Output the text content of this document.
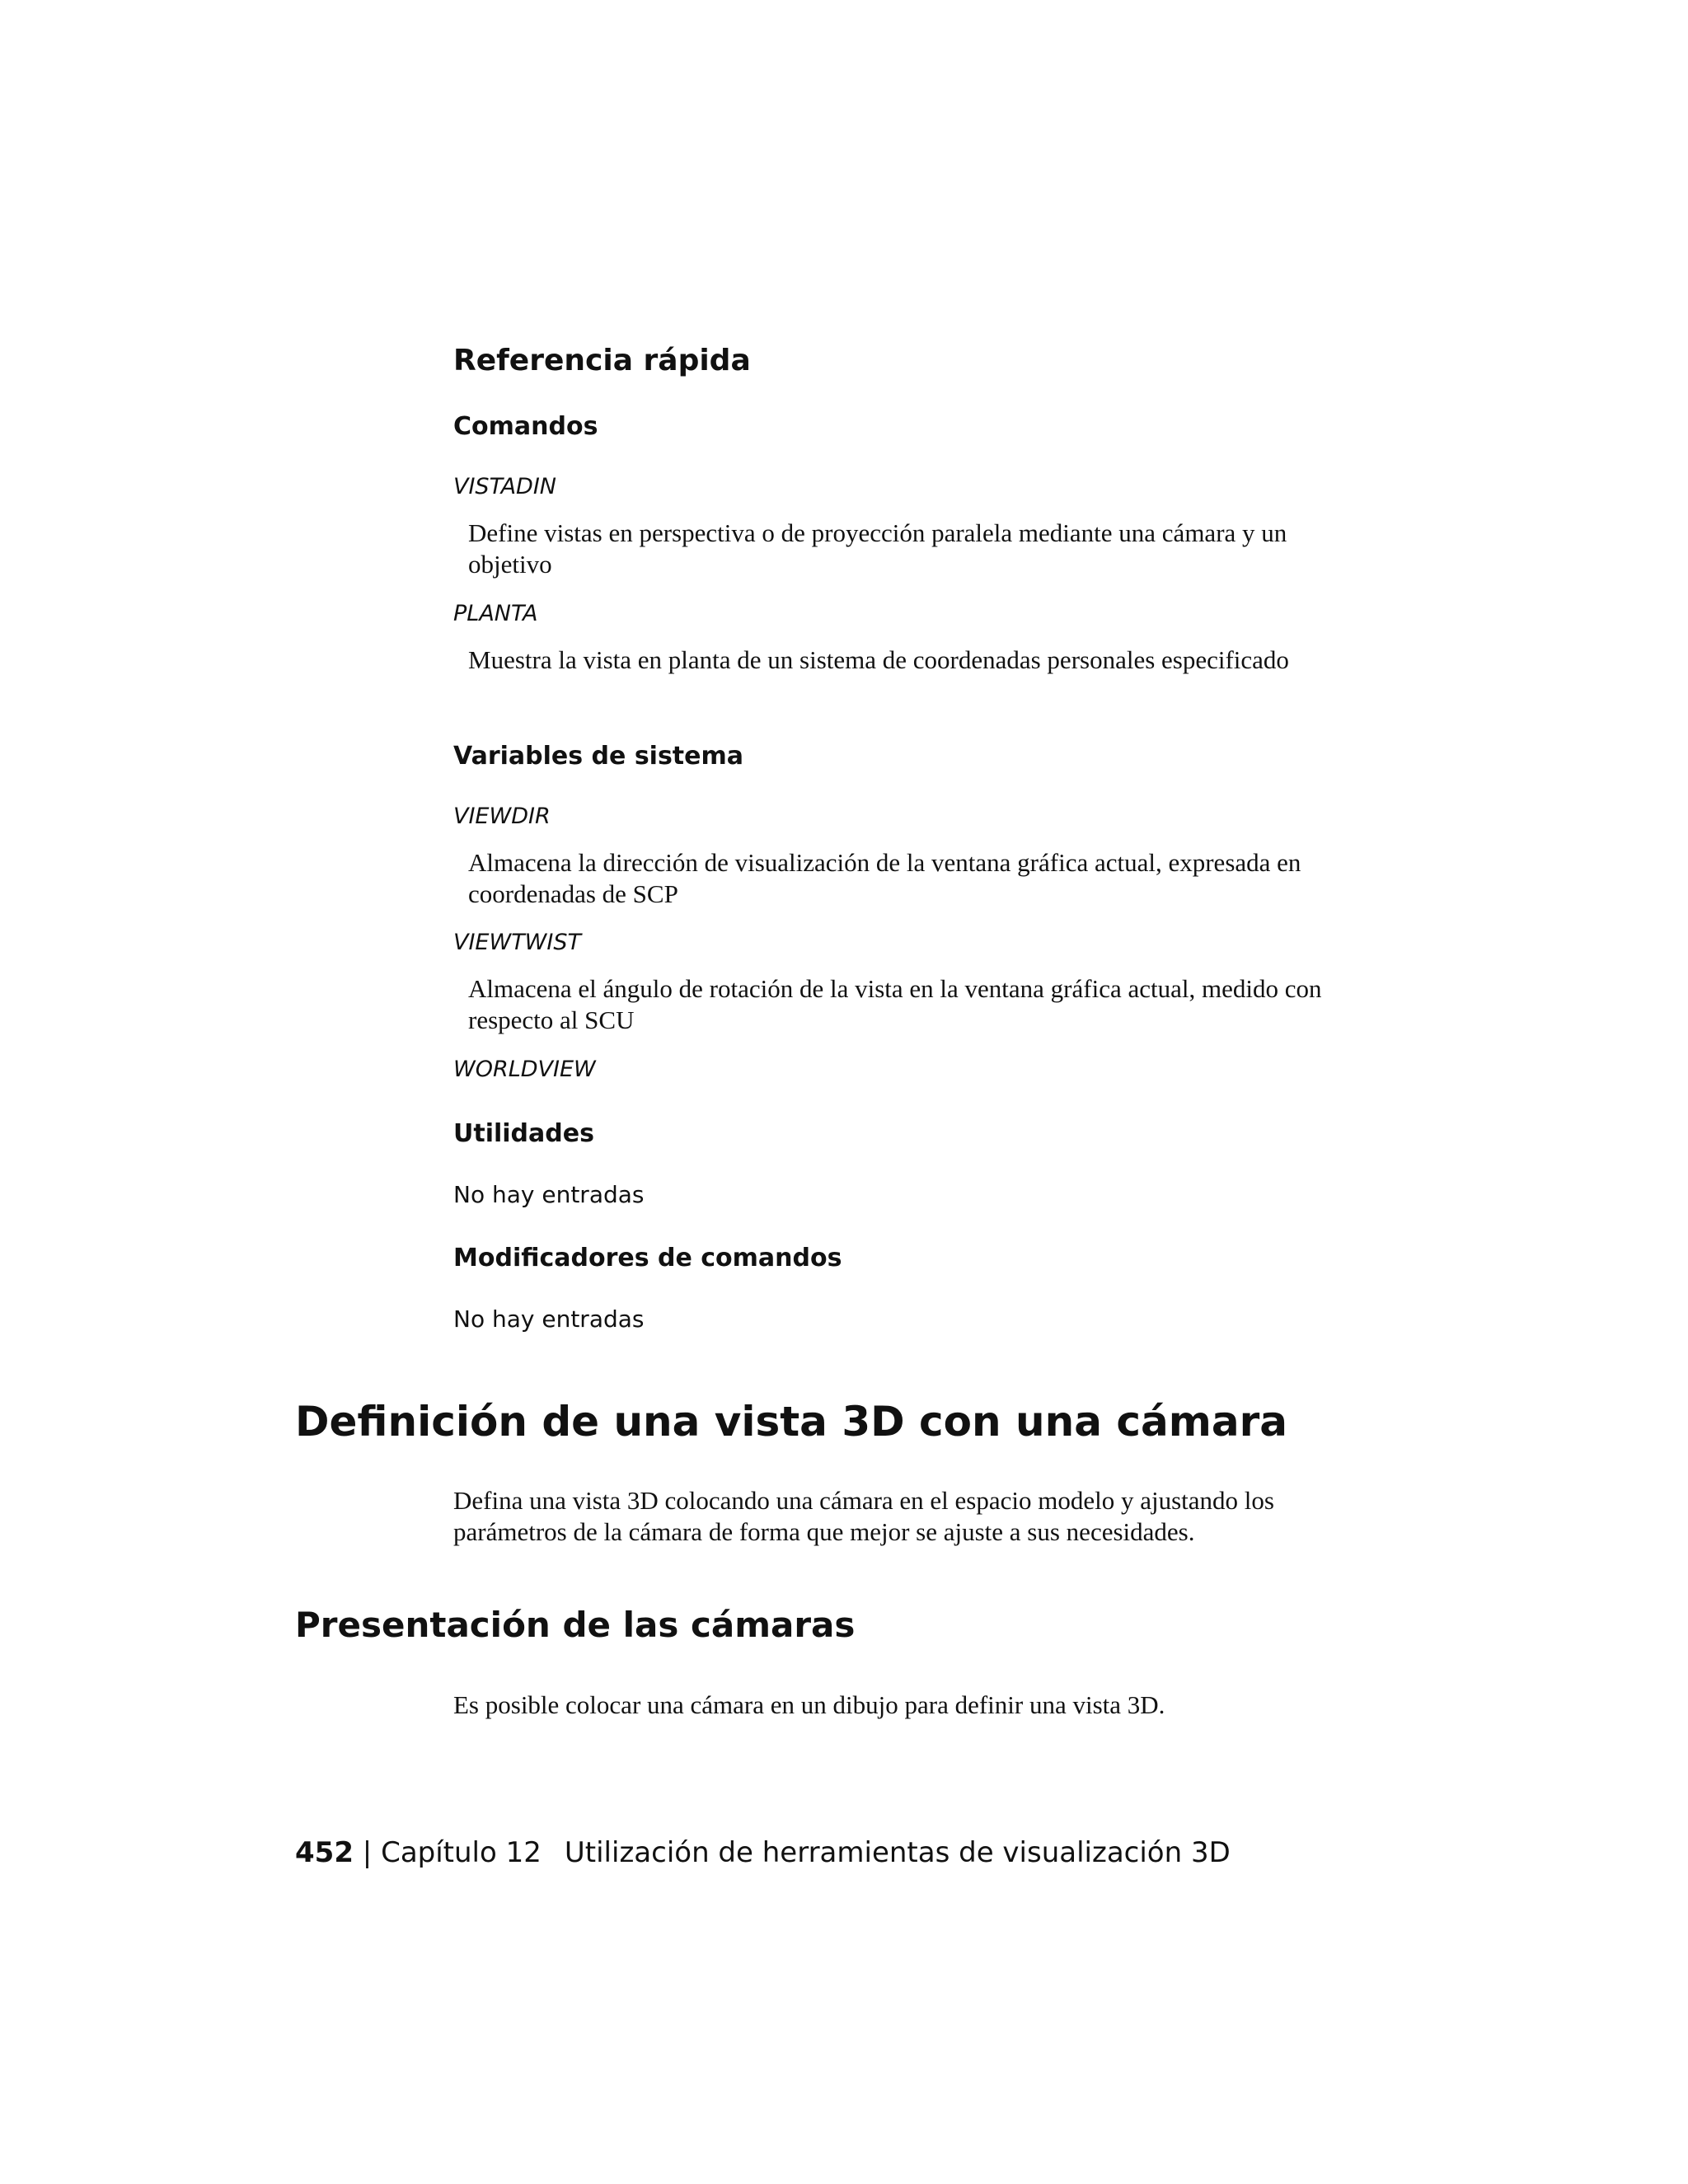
Referencia rápida
Comandos
VISTADIN
Define vistas en perspectiva o de proyección paralela mediante una cámara y un objetivo
PLANTA
Muestra la vista en planta de un sistema de coordenadas personales especificado
Variables de sistema
VIEWDIR
Almacena la dirección de visualización de la ventana gráfica actual, expresada en coordenadas de SCP
VIEWTWIST
Almacena el ángulo de rotación de la vista en la ventana gráfica actual, medido con respecto al SCU
WORLDVIEW
Utilidades
No hay entradas
Modificadores de comandos
No hay entradas
Definición de una vista 3D con una cámara
Defina una vista 3D colocando una cámara en el espacio modelo y ajustando los parámetros de la cámara de forma que mejor se ajuste a sus necesidades.
Presentación de las cámaras
Es posible colocar una cámara en un dibujo para definir una vista 3D.
452 | Capítulo 12 Utilización de herramientas de visualización 3D
